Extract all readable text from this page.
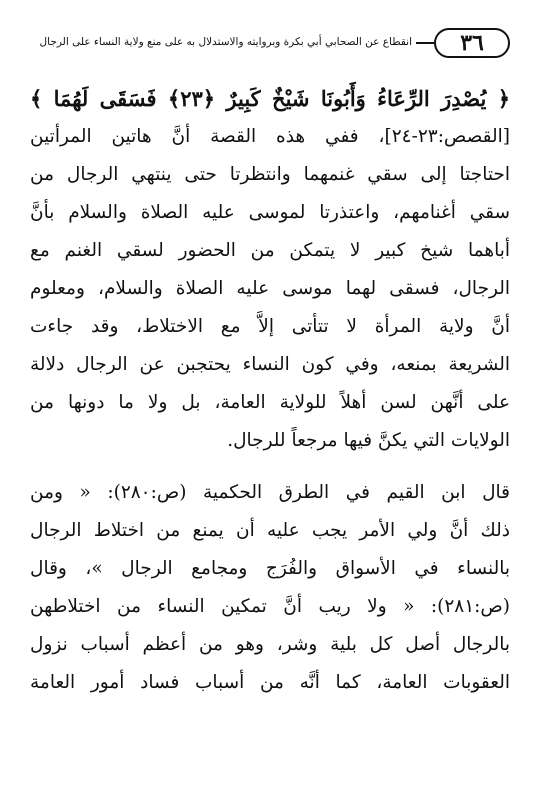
٣٦
انقطاع عن الصحابي أبي بكرة وبروايته والاستدلال به على منع ولاية النساء على الرجال
﴿ يُصْدِرَ الرِّعَاءُ وَأَبُونَا شَيْخٌ كَبِيرٌ ﴿٢٣﴾ فَسَقَى لَهُمَا ﴾
[القصص:٢٣-٢٤]، ففي هذه القصة أنَّ هاتين المرأتين
احتاجتا إلى سقي غنمهما وانتظرتا حتى ينتهي الرجال من
سقي أغنامهم، واعتذرتا لموسى عليه الصلاة والسلام بأنَّ
أباهما شيخ كبير لا يتمكن من الحضور لسقي الغنم مع
الرجال، فسقى لهما موسى عليه الصلاة والسلام، ومعلوم
أنَّ ولاية المرأة لا تتأتى إلاَّ مع الاختلاط، وقد جاءت
الشريعة بمنعه، وفي كون النساء يحتجبن عن الرجال دلالة
على أنَّهن لسن أهلاً للولاية العامة، بل ولا ما دونها من
الولايات التي يكنَّ فيها مرجعاً للرجال.
قال ابن القيم في الطرق الحكمية (ص:٢٨٠): « ومن
ذلك أنَّ ولي الأمر يجب عليه أن يمنع من اختلاط الرجال
بالنساء في الأسواق والفُرَج ومجامع الرجال »، وقال
(ص:٢٨١): « ولا ريب أنَّ تمكين النساء من اختلاطهن
بالرجال أصل كل بلية وشر، وهو من أعظم أسباب نزول
العقوبات العامة، كما أنَّه من أسباب فساد أمور العامة
